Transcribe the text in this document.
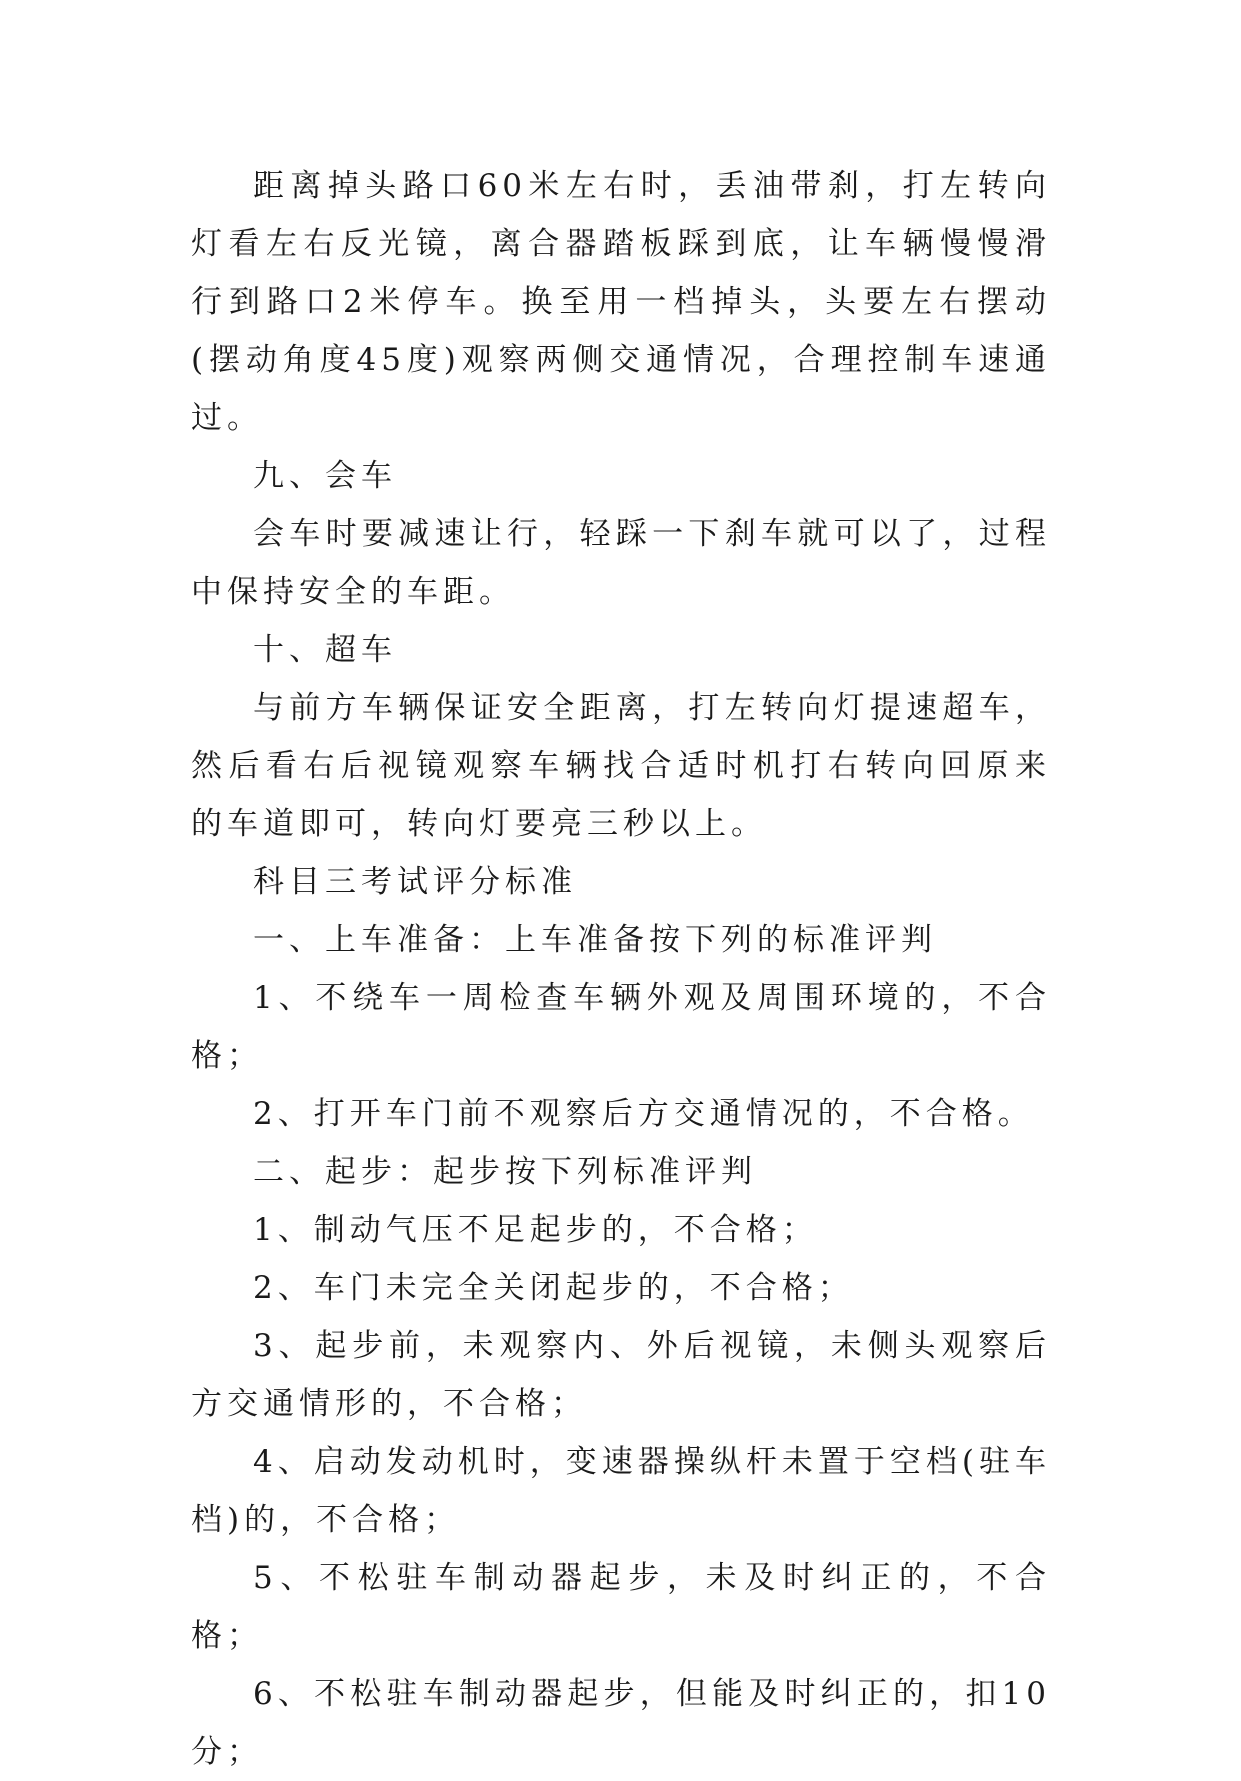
距离掉头路口60米左右时，丢油带刹，打左转向灯看左右反光镜，离合器踏板踩到底，让车辆慢慢滑行到路口2米停车。换至用一档掉头，头要左右摆动(摆动角度45度)观察两侧交通情况，合理控制车速通过。

九、会车

会车时要减速让行，轻踩一下刹车就可以了，过程中保持安全的车距。

十、超车

与前方车辆保证安全距离，打左转向灯提速超车，然后看右后视镜观察车辆找合适时机打右转向回原来的车道即可，转向灯要亮三秒以上。

科目三考试评分标准

一、上车准备：上车准备按下列的标准评判

1、不绕车一周检查车辆外观及周围环境的，不合格；

2、打开车门前不观察后方交通情况的，不合格。

二、起步：起步按下列标准评判

1、制动气压不足起步的，不合格；

2、车门未完全关闭起步的，不合格；

3、起步前，未观察内、外后视镜，未侧头观察后方交通情形的，不合格；

4、启动发动机时，变速器操纵杆未置于空档(驻车档)的，不合格；

5、不松驻车制动器起步，未及时纠正的，不合格；

6、不松驻车制动器起步，但能及时纠正的，扣10分；
